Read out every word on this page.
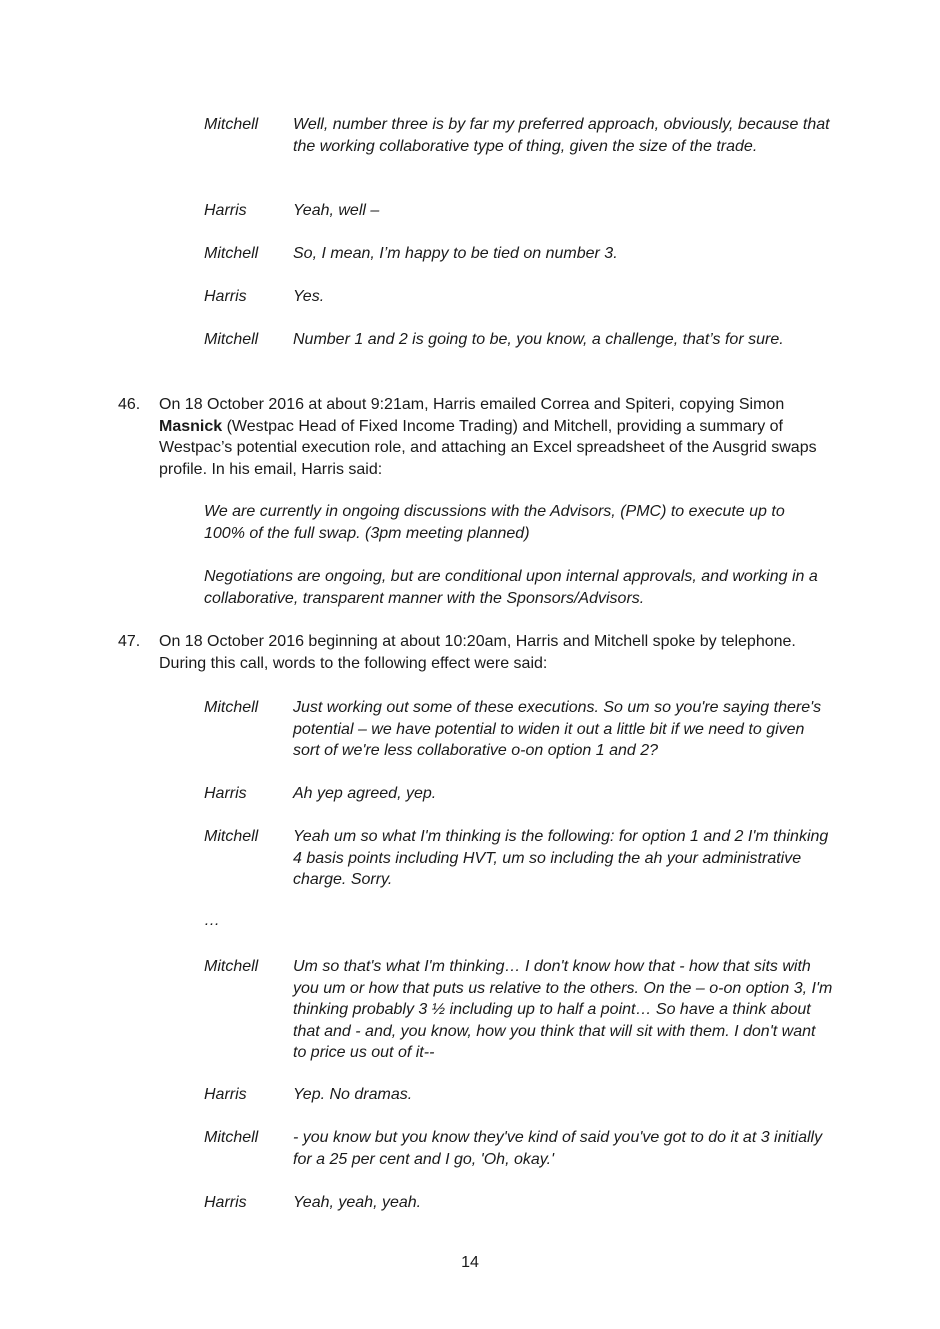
Mitchell	Well, number three is by far my preferred approach, obviously, because that the working collaborative type of thing, given the size of the trade.
Harris	Yeah, well –
Mitchell	So, I mean, I’m happy to be tied on number 3.
Harris	Yes.
Mitchell	Number 1 and 2 is going to be, you know, a challenge, that’s for sure.
46. On 18 October 2016 at about 9:21am, Harris emailed Correa and Spiteri, copying Simon Masnick (Westpac Head of Fixed Income Trading) and Mitchell, providing a summary of Westpac’s potential execution role, and attaching an Excel spreadsheet of the Ausgrid swaps profile. In his email, Harris said:
We are currently in ongoing discussions with the Advisors, (PMC) to execute up to 100% of the full swap. (3pm meeting planned)
Negotiations are ongoing, but are conditional upon internal approvals, and working in a collaborative, transparent manner with the Sponsors/Advisors.
47. On 18 October 2016 beginning at about 10:20am, Harris and Mitchell spoke by telephone. During this call, words to the following effect were said:
Mitchell	Just working out some of these executions. So um so you're saying there's potential – we have potential to widen it out a little bit if we need to given sort of we're less collaborative o-on option 1 and 2?
Harris	Ah yep agreed, yep.
Mitchell	Yeah um so what I'm thinking is the following: for option 1 and 2 I'm thinking 4 basis points including HVT, um so including the ah your administrative charge. Sorry.
…
Mitchell	Um so that's what I'm thinking… I don't know how that - how that sits with you um or how that puts us relative to the others. On the – o-on option 3, I'm thinking probably 3 ½ including up to half a point… So have a think about that and - and, you know, how you think that will sit with them. I don't want to price us out of it--
Harris	Yep. No dramas.
Mitchell	- you know but you know they've kind of said you've got to do it at 3 initially for a 25 per cent and I go, 'Oh, okay.'
Harris	Yeah, yeah, yeah.
14
